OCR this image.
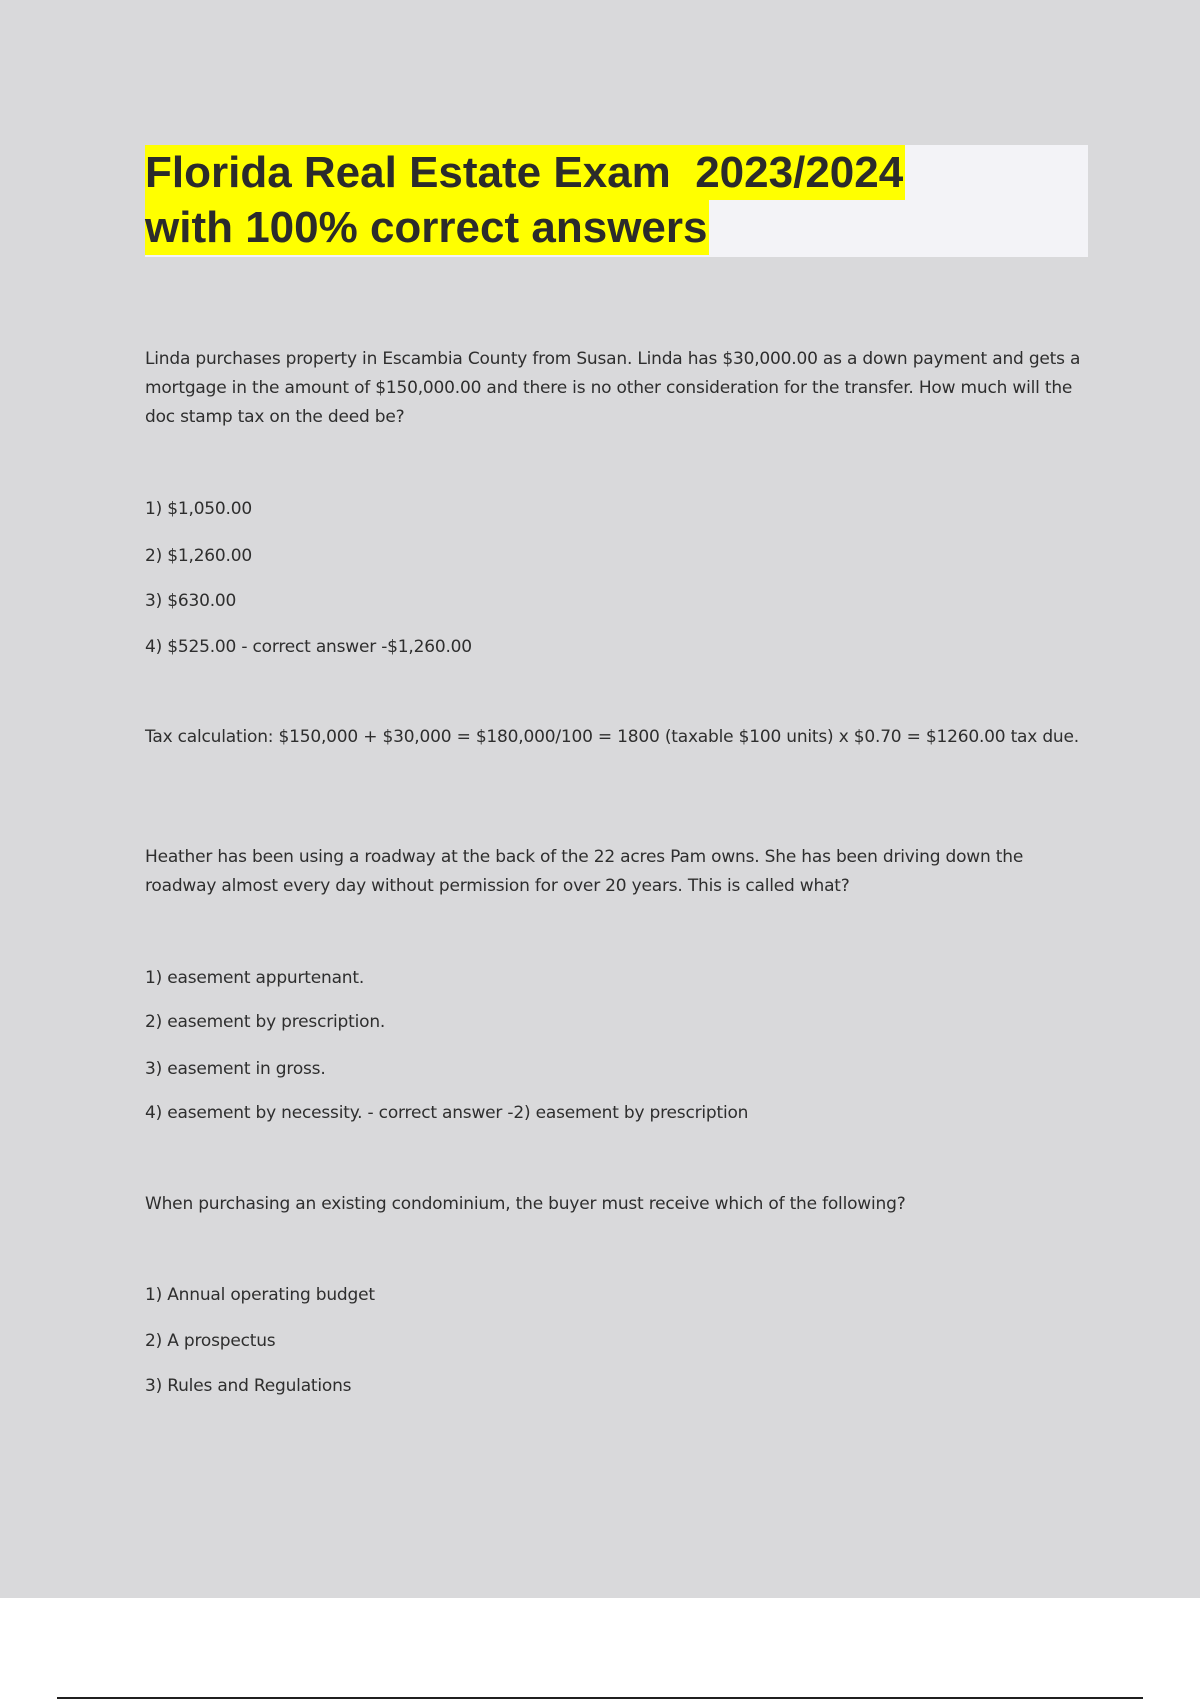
Florida Real Estate Exam  2023/2024
with 100% correct answers

Linda purchases property in Escambia County from Susan. Linda has $30,000.00 as a down payment and gets a mortgage in the amount of $150,000.00 and there is no other consideration for the transfer. How much will the doc stamp tax on the deed be?

1) $1,050.00

2) $1,260.00

3) $630.00

4) $525.00 - correct answer -$1,260.00

Tax calculation: $150,000 + $30,000 = $180,000/100 = 1800 (taxable $100 units) x $0.70 = $1260.00 tax due.

Heather has been using a roadway at the back of the 22 acres Pam owns. She has been driving down the roadway almost every day without permission for over 20 years. This is called what?

1) easement appurtenant.

2) easement by prescription.

3) easement in gross.

4) easement by necessity. - correct answer -2) easement by prescription

When purchasing an existing condominium, the buyer must receive which of the following?

1) Annual operating budget

2) A prospectus

3) Rules and Regulations
